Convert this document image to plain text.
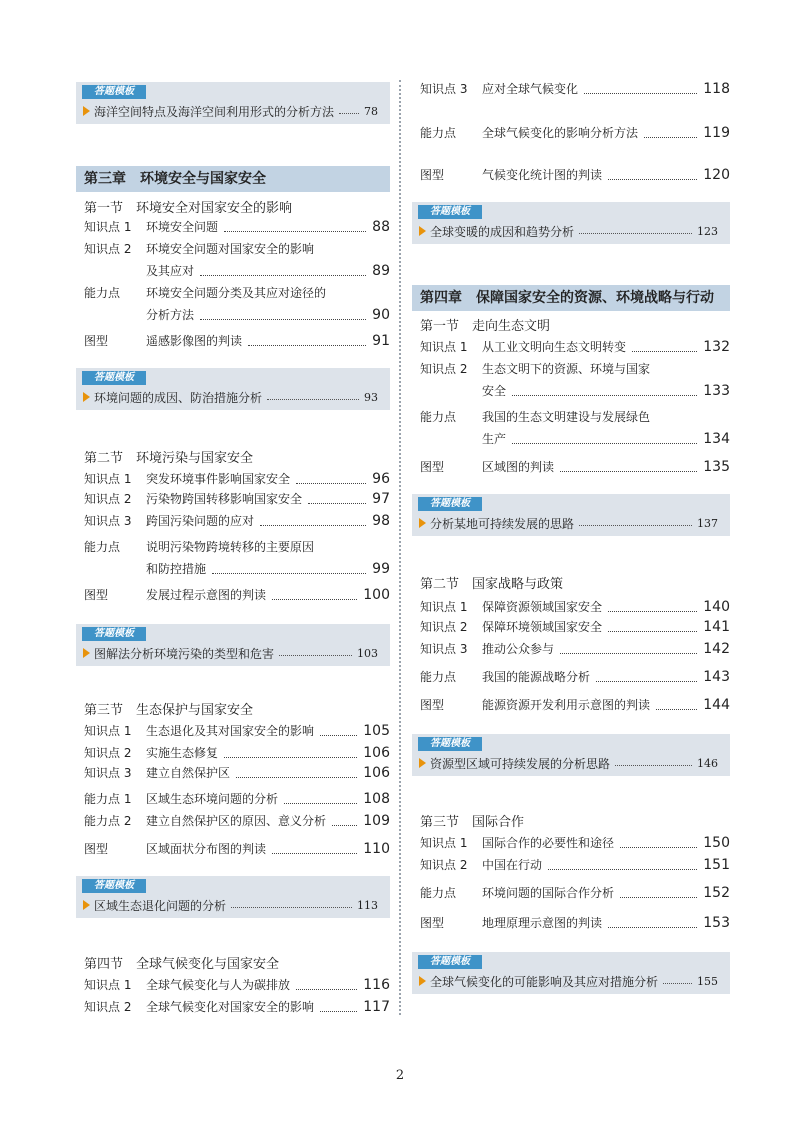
答题模板
海洋空间特点及海洋空间利用形式的分析方法	78
第三章　环境安全与国家安全
第一节　环境安全对国家安全的影响
知识点 1 环境安全问题	88
知识点 2 环境安全问题对国家安全的影响
及其应对	89
能力点 环境安全问题分类及其应对途径的
分析方法	90
图型	遥感影像图的判读	91
答题模板
环境问题的成因、防治措施分析	93
第二节　环境污染与国家安全
知识点 1 突发环境事件影响国家安全	96
知识点 2 污染物跨国转移影响国家安全	97
知识点 3 跨国污染问题的应对	98
能力点 说明污染物跨境转移的主要原因
和防控措施	99
图型	发展过程示意图的判读	100
答题模板
图解法分析环境污染的类型和危害	103
第三节　生态保护与国家安全
知识点 1 生态退化及其对国家安全的影响	105
知识点 2 实施生态修复	106
知识点 3 建立自然保护区	106
能力点 1 区域生态环境问题的分析	108
能力点 2 建立自然保护区的原因、意义分析	109
图型	区域面状分布图的判读	110
答题模板
区域生态退化问题的分析	113
第四节　全球气候变化与国家安全
知识点 1 全球气候变化与人为碳排放	116
知识点 2 全球气候变化对国家安全的影响	117
知识点 3 应对全球气候变化	118
能力点 全球气候变化的影响分析方法	119
图型	气候变化统计图的判读	120
答题模板
全球变暖的成因和趋势分析	123
第四章　保障国家安全的资源、环境战略与行动
第一节　走向生态文明
知识点 1 从工业文明向生态文明转变	132
知识点 2 生态文明下的资源、环境与国家
安全	133
能力点 我国的生态文明建设与发展绿色
生产	134
图型	区域图的判读	135
答题模板
分析某地可持续发展的思路	137
第二节　国家战略与政策
知识点 1 保障资源领域国家安全	140
知识点 2 保障环境领域国家安全	141
知识点 3 推动公众参与	142
能力点 我国的能源战略分析	143
图型	能源资源开发利用示意图的判读	144
答题模板
资源型区域可持续发展的分析思路	146
第三节　国际合作
知识点 1 国际合作的必要性和途径	150
知识点 2 中国在行动	151
能力点 环境问题的国际合作分析	152
图型	地理原理示意图的判读	153
答题模板
全球气候变化的可能影响及其应对措施分析	155
2
